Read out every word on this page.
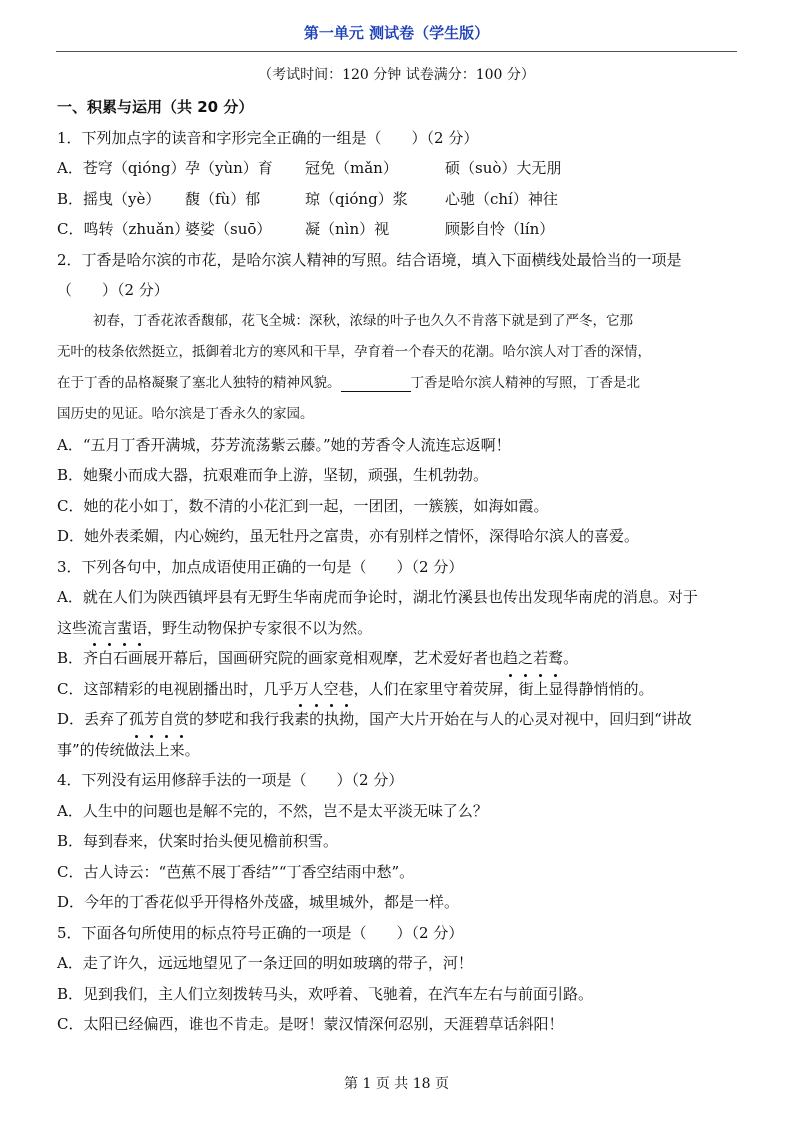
第一单元 测试卷（学生版）
（考试时间：120 分钟 试卷满分：100 分）
一、积累与运用（共 20 分）
1．下列加点字的读音和字形完全正确的一组是（　　）（2 分）
A．苍穹（qióng）孕（yùn）育 冠免（mǎn）	硕（suò）大无朋
B．摇曳（yè） 馥（fù）郁	琼（qióng）浆 心驰（chí）神往
C．鸣转（zhuǎn）婆娑（suō） 凝（nìn）视	顾影自怜（lín）
2．丁香是哈尔滨的市花，是哈尔滨人精神的写照。结合语境，填入下面横线处最恰当的一项是
（　　）（2 分）
初春，丁香花浓香馥郁，花飞全城：深秋，浓绿的叶子也久久不肯落下就是到了严冬，它那
无叶的枝条依然挺立，抵御着北方的寒风和干旱，孕育着一个春天的花潮。哈尔滨人对丁香的深情，
在于丁香的品格凝聚了塞北人独特的精神风貌。	丁香是哈尔滨人精神的写照，丁香是北
国历史的见证。哈尔滨是丁香永久的家园。
A．“五月丁香开满城，芬芳流荡紫云藤。”她的芳香令人流连忘返啊！
B．她聚小而成大器，抗艰难而争上游，坚韧，顽强，生机勃勃。
C．她的花小如丁，数不清的小花汇到一起，一团团，一簇簇，如海如霞。
D．她外表柔媚，内心婉约，虽无牡丹之富贵，亦有别样之情怀，深得哈尔滨人的喜爱。
3．下列各句中，加点成语使用正确的一句是（　　）（2 分）
A．就在人们为陕西镇坪县有无野生华南虎而争论时，湖北竹溪县也传出发现华南虎的消息。对于
这些流言蜚语，野生动物保护专家很不以为然。
B．齐白石画展开幕后，国画研究院的画家竟相观摩，艺术爱好者也趋之若鹜。
C．这部精彩的电视剧播出时，几乎万人空巷，人们在家里守着荧屏，街上显得静悄悄的。
D．丢弃了孤芳自赏的梦呓和我行我素的执拗，国产大片开始在与人的心灵对视中，回归到“讲故
事”的传统做法上来。
4．下列没有运用修辞手法的一项是（　　）（2 分）
A．人生中的问题也是解不完的，不然，岂不是太平淡无味了么？
B．每到春来，伏案时抬头便见檐前积雪。
C．古人诗云：“芭蕉不展丁香结”“丁香空结雨中愁”。
D．今年的丁香花似乎开得格外茂盛，城里城外，都是一样。
5．下面各句所使用的标点符号正确的一项是（　　）（2 分）
A．走了许久，远远地望见了一条迂回的明如玻璃的带子，河！
B．见到我们，主人们立刻拨转马头，欢呼着、飞驰着，在汽车左右与前面引路。
C．太阳已经偏西，谁也不肯走。是呀！蒙汉情深何忍别，天涯碧草话斜阳！
第 1 页 共 18 页
